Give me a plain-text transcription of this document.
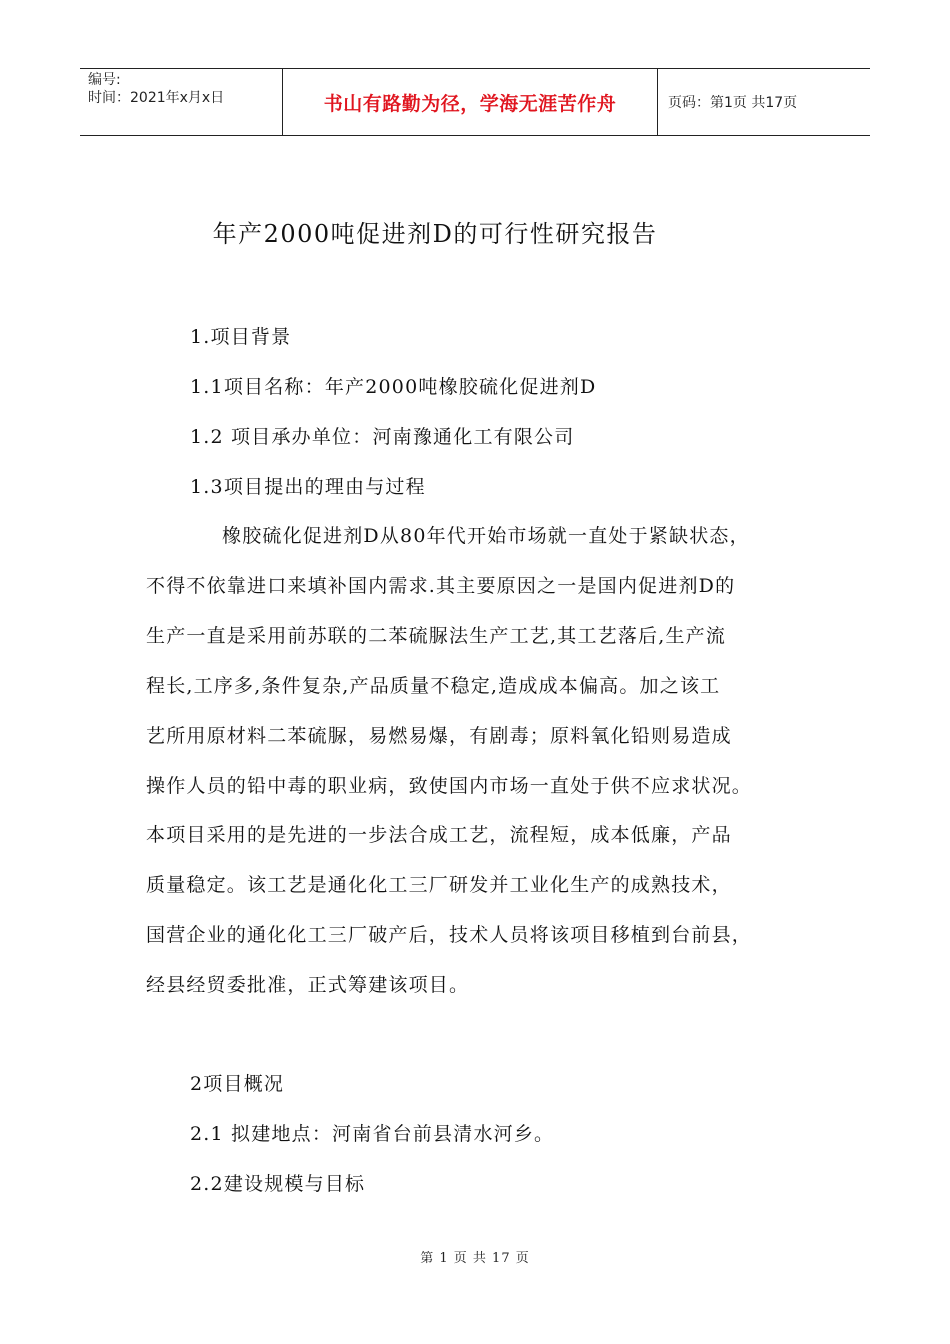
编号:
时间：2021年x月x日	书山有路勤为径，学海无涯苦作舟	页码：第1页 共17页
年产2000吨促进剂D的可行性研究报告

1.项目背景

1.1项目名称：年产2000吨橡胶硫化促进剂D

1.2 项目承办单位：河南豫通化工有限公司

1.3项目提出的理由与过程

橡胶硫化促进剂D从80年代开始市场就一直处于紧缺状态，

不得不依靠进口来填补国内需求.其主要原因之一是国内促进剂D的

生产一直是采用前苏联的二苯硫脲法生产工艺,其工艺落后,生产流

程长,工序多,条件复杂,产品质量不稳定,造成成本偏高。加之该工

艺所用原材料二苯硫脲，易燃易爆，有剧毒；原料氧化铅则易造成

操作人员的铅中毒的职业病，致使国内市场一直处于供不应求状况。

本项目采用的是先进的一步法合成工艺，流程短，成本低廉，产品

质量稳定。该工艺是通化化工三厂研发并工业化生产的成熟技术，

国营企业的通化化工三厂破产后，技术人员将该项目移植到台前县，

经县经贸委批准，正式筹建该项目。

2项目概况

2.1 拟建地点：河南省台前县清水河乡。

2.2建设规模与目标

第 1 页 共 17 页
